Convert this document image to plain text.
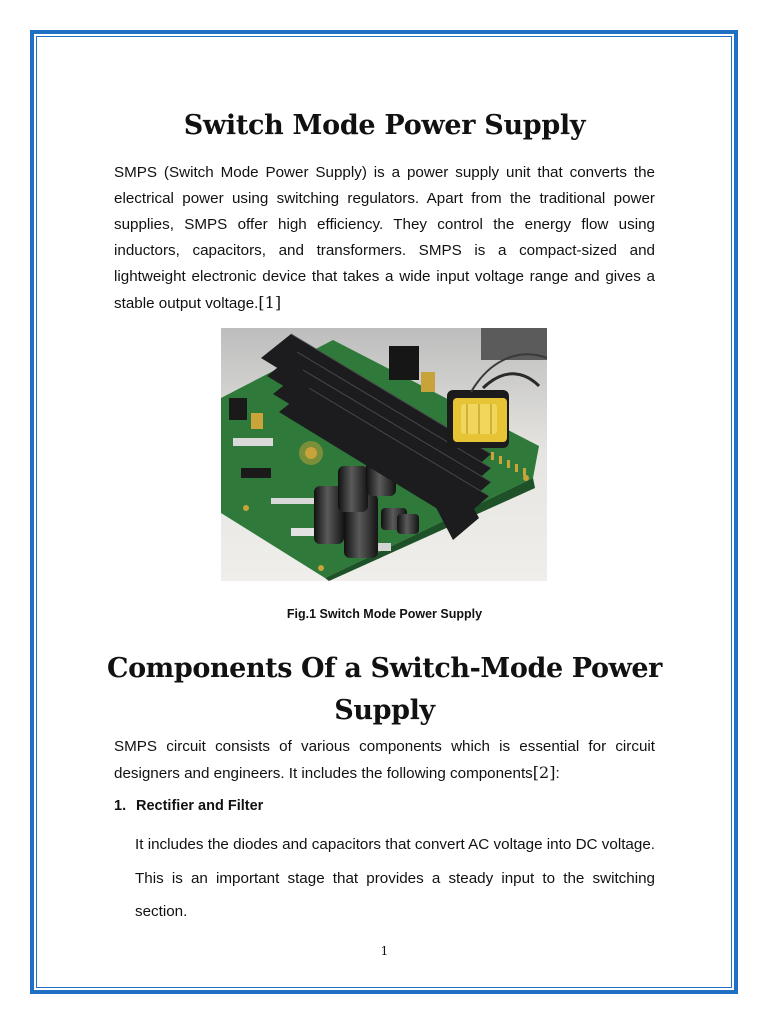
Switch Mode Power Supply

SMPS (Switch Mode Power Supply) is a power supply unit that converts the electrical power using switching regulators. Apart from the traditional power supplies, SMPS offer high efficiency. They control the energy flow using inductors, capacitors, and transformers. SMPS is a compact-sized and lightweight electronic device that takes a wide input voltage range and gives a stable output voltage.[1]

Fig.1 Switch Mode Power Supply

Components Of a Switch-Mode Power Supply

SMPS circuit consists of various components which is essential for circuit designers and engineers. It includes the following components[2]:

1. Rectifier and Filter

It includes the diodes and capacitors that convert AC voltage into DC voltage. This is an important stage that provides a steady input to the switching section.

1
